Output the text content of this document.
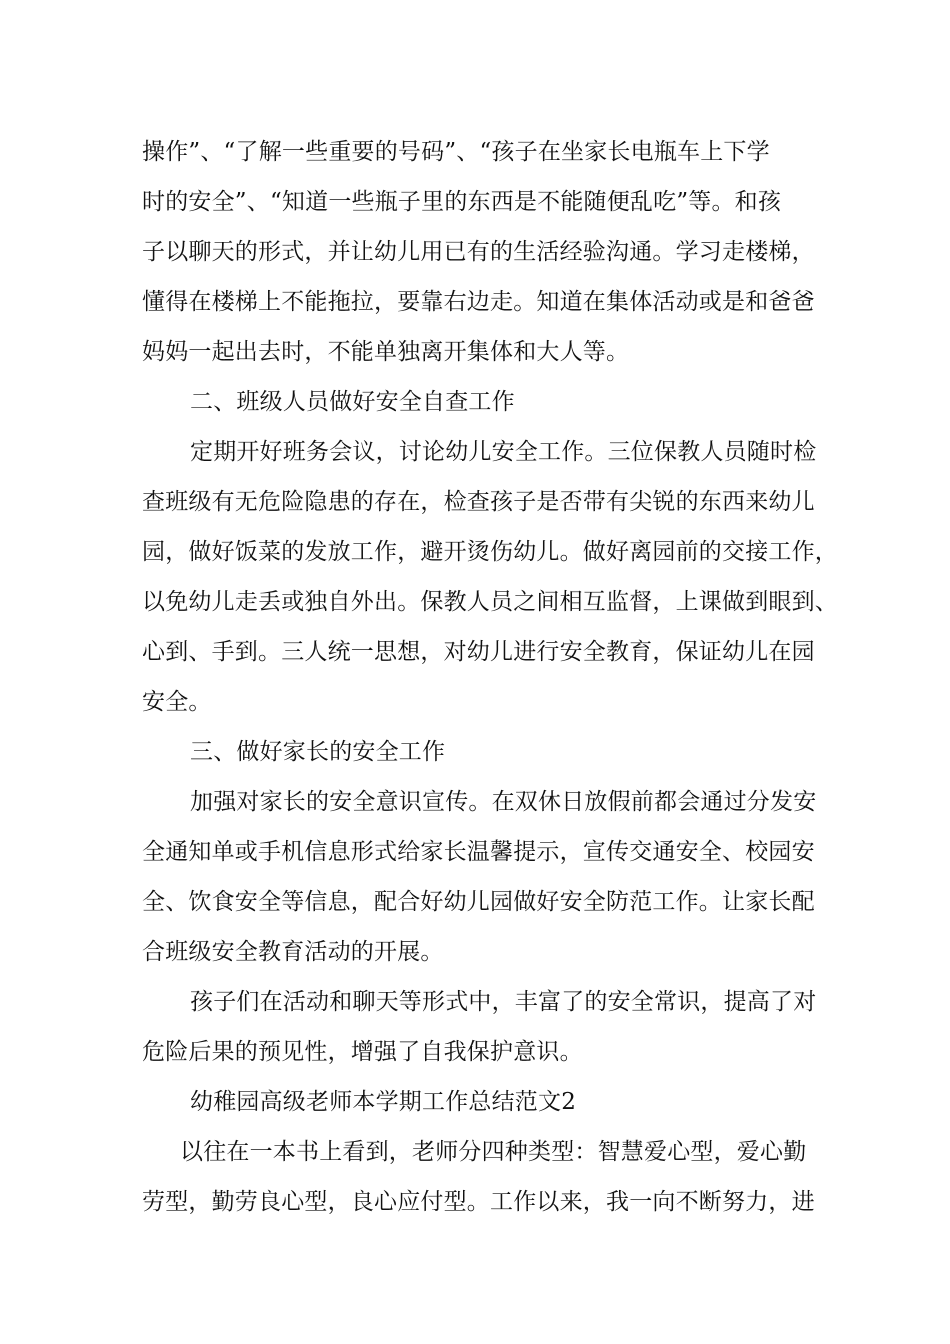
操作”、“了解一些重要的号码”、“孩子在坐家长电瓶车上下学
时的安全”、“知道一些瓶子里的东西是不能随便乱吃”等。和孩
子以聊天的形式，并让幼儿用已有的生活经验沟通。学习走楼梯，
懂得在楼梯上不能拖拉，要靠右边走。知道在集体活动或是和爸爸
妈妈一起出去时，不能单独离开集体和大人等。
二、班级人员做好安全自查工作
定期开好班务会议，讨论幼儿安全工作。三位保教人员随时检
查班级有无危险隐患的存在，检查孩子是否带有尖锐的东西来幼儿
园，做好饭菜的发放工作，避开烫伤幼儿。做好离园前的交接工作，
以免幼儿走丢或独自外出。保教人员之间相互监督，上课做到眼到、
心到、手到。三人统一思想，对幼儿进行安全教育，保证幼儿在园
安全。
三、做好家长的安全工作
加强对家长的安全意识宣传。在双休日放假前都会通过分发安
全通知单或手机信息形式给家长温馨提示，宣传交通安全、校园安
全、饮食安全等信息，配合好幼儿园做好安全防范工作。让家长配
合班级安全教育活动的开展。
孩子们在活动和聊天等形式中，丰富了的安全常识，提高了对
危险后果的预见性，增强了自我保护意识。
幼稚园高级老师本学期工作总结范文2
以往在一本书上看到，老师分四种类型：智慧爱心型，爱心勤
劳型，勤劳良心型，良心应付型。工作以来，我一向不断努力，进
